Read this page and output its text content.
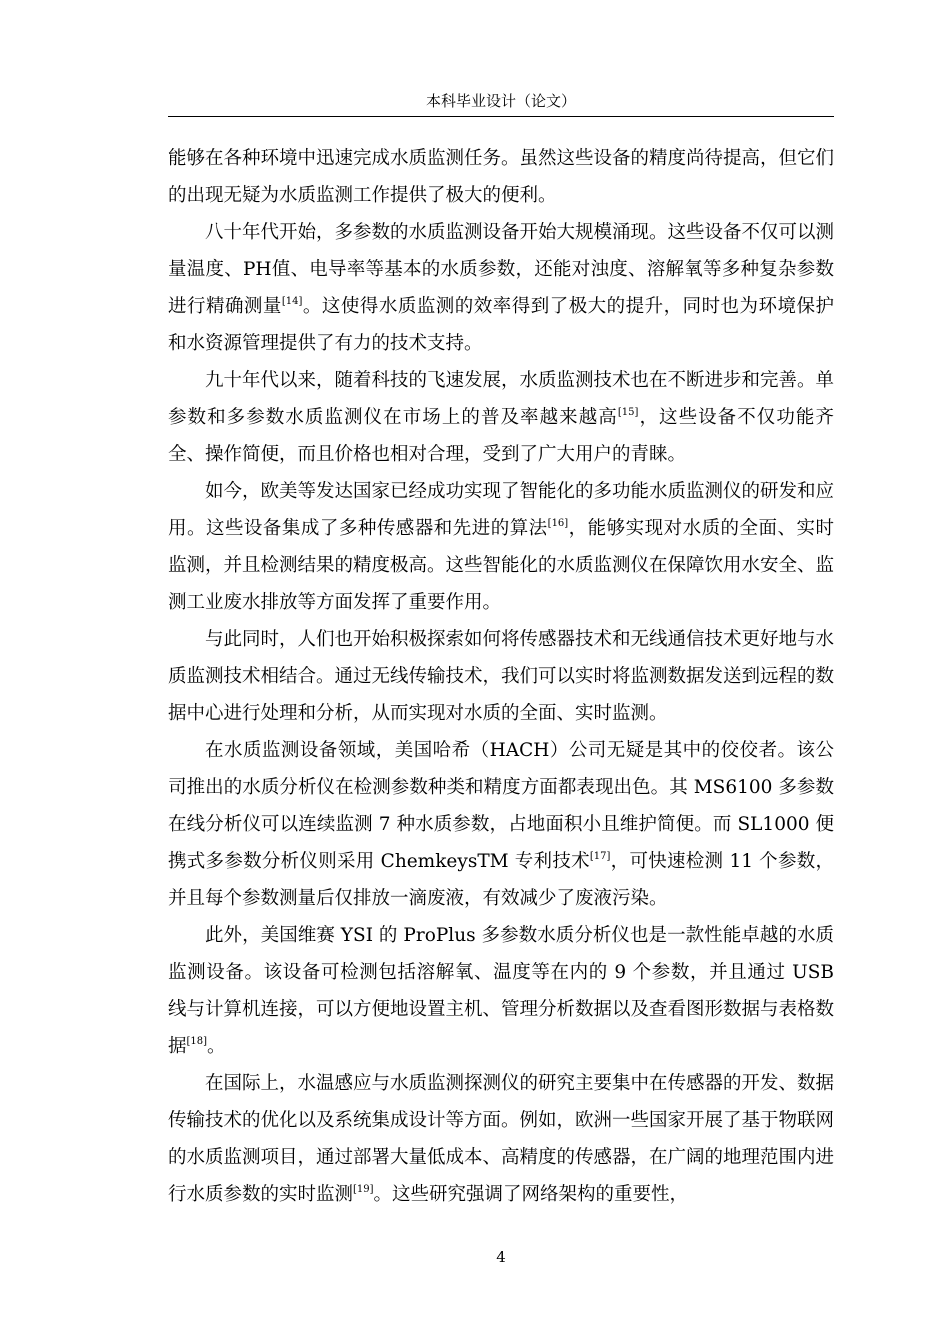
本科毕业设计（论文）

能够在各种环境中迅速完成水质监测任务。虽然这些设备的精度尚待提高，但它们的出现无疑为水质监测工作提供了极大的便利。

八十年代开始，多参数的水质监测设备开始大规模涌现。这些设备不仅可以测量温度、PH值、电导率等基本的水质参数，还能对浊度、溶解氧等多种复杂参数进行精确测量[14]。这使得水质监测的效率得到了极大的提升，同时也为环境保护和水资源管理提供了有力的技术支持。

九十年代以来，随着科技的飞速发展，水质监测技术也在不断进步和完善。单参数和多参数水质监测仪在市场上的普及率越来越高[15]，这些设备不仅功能齐全、操作简便，而且价格也相对合理，受到了广大用户的青睐。

如今，欧美等发达国家已经成功实现了智能化的多功能水质监测仪的研发和应用。这些设备集成了多种传感器和先进的算法[16]，能够实现对水质的全面、实时监测，并且检测结果的精度极高。这些智能化的水质监测仪在保障饮用水安全、监测工业废水排放等方面发挥了重要作用。

与此同时，人们也开始积极探索如何将传感器技术和无线通信技术更好地与水质监测技术相结合。通过无线传输技术，我们可以实时将监测数据发送到远程的数据中心进行处理和分析，从而实现对水质的全面、实时监测。

在水质监测设备领域，美国哈希（HACH）公司无疑是其中的佼佼者。该公司推出的水质分析仪在检测参数种类和精度方面都表现出色。其 MS6100 多参数在线分析仪可以连续监测 7 种水质参数，占地面积小且维护简便。而 SL1000 便携式多参数分析仪则采用 ChemkeysTM 专利技术[17]，可快速检测 11 个参数，并且每个参数测量后仅排放一滴废液，有效减少了废液污染。

此外，美国维赛 YSI 的 ProPlus 多参数水质分析仪也是一款性能卓越的水质监测设备。该设备可检测包括溶解氧、温度等在内的 9 个参数，并且通过 USB 线与计算机连接，可以方便地设置主机、管理分析数据以及查看图形数据与表格数据[18]。

在国际上，水温感应与水质监测探测仪的研究主要集中在传感器的开发、数据传输技术的优化以及系统集成设计等方面。例如，欧洲一些国家开展了基于物联网的水质监测项目，通过部署大量低成本、高精度的传感器，在广阔的地理范围内进行水质参数的实时监测[19]。这些研究强调了网络架构的重要性，

4
